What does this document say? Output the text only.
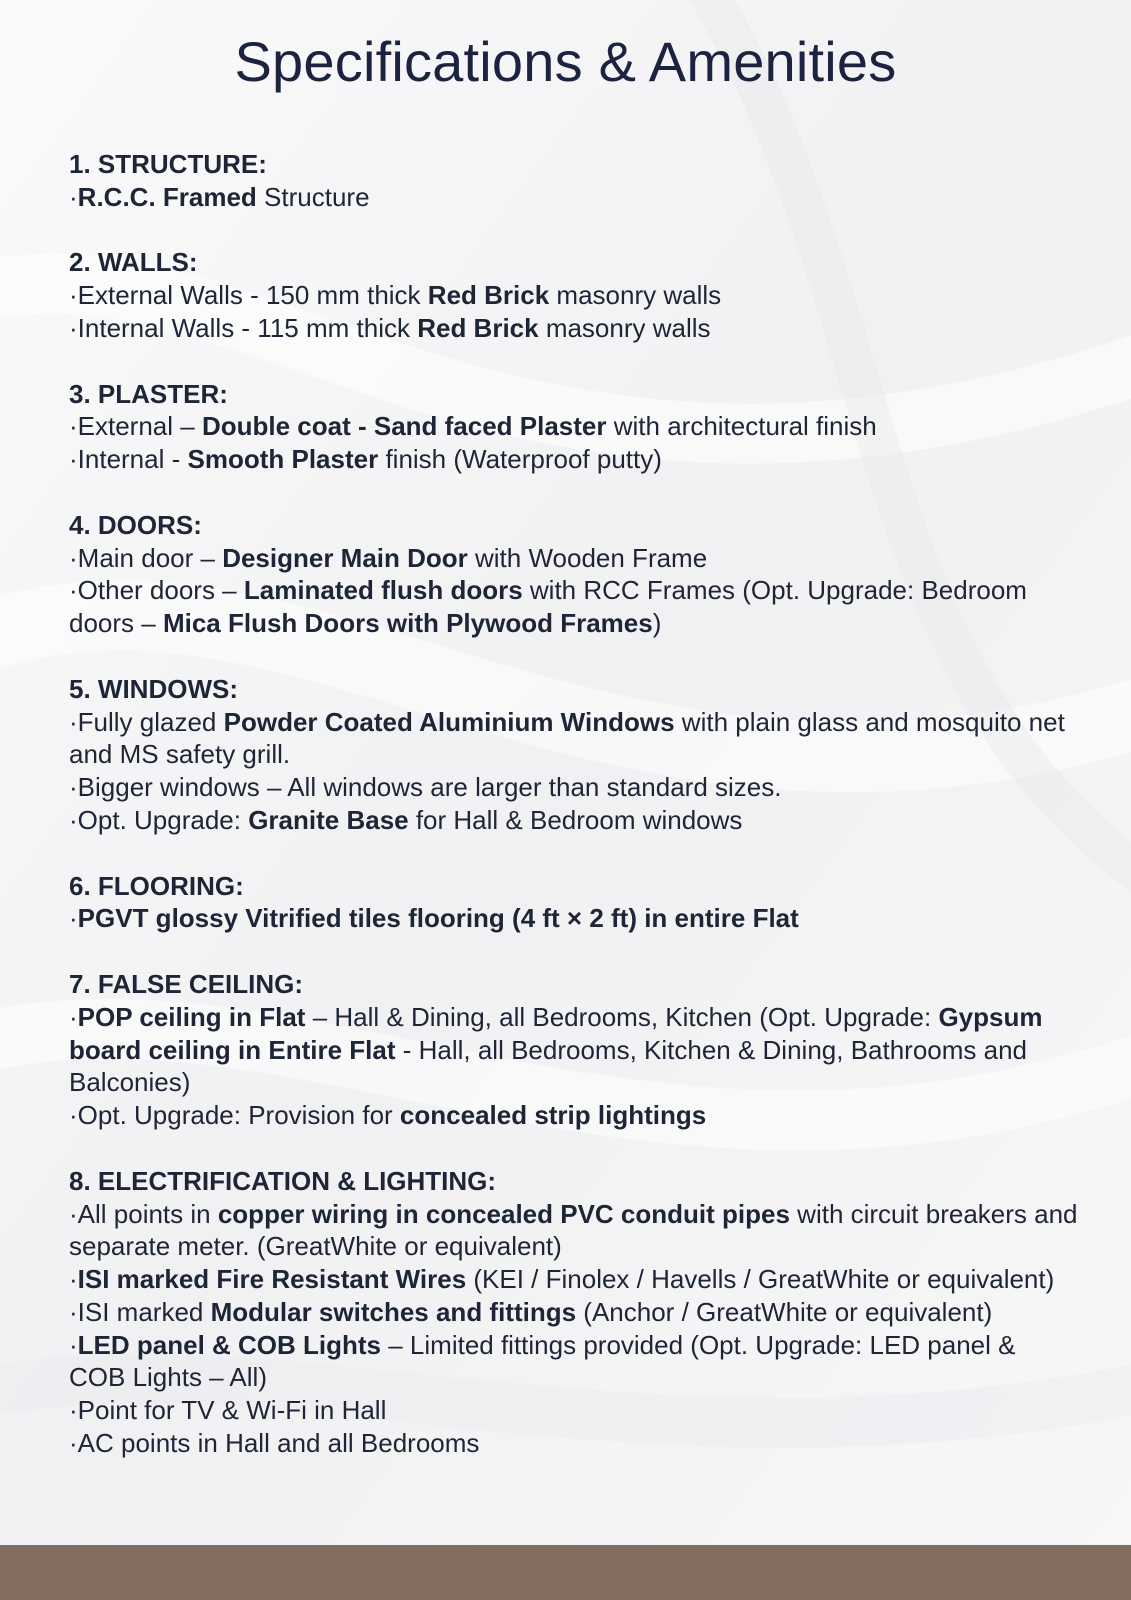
Specifications & Amenities
1. STRUCTURE:
·R.C.C. Framed Structure
2. WALLS:
·External Walls - 150 mm thick Red Brick masonry walls
·Internal Walls - 115 mm thick Red Brick masonry walls
3. PLASTER:
·External – Double coat - Sand faced Plaster with architectural finish
·Internal - Smooth Plaster finish (Waterproof putty)
4. DOORS:
·Main door – Designer Main Door with Wooden Frame
·Other doors – Laminated flush doors with RCC Frames (Opt. Upgrade: Bedroom doors – Mica Flush Doors with Plywood Frames)
5. WINDOWS:
·Fully glazed Powder Coated Aluminium Windows with plain glass and mosquito net and MS safety grill.
·Bigger windows – All windows are larger than standard sizes.
·Opt. Upgrade: Granite Base for Hall & Bedroom windows
6. FLOORING:
·PGVT glossy Vitrified tiles flooring (4 ft × 2 ft) in entire Flat
7. FALSE CEILING:
·POP ceiling in Flat – Hall & Dining, all Bedrooms, Kitchen (Opt. Upgrade: Gypsum board ceiling in Entire Flat - Hall, all Bedrooms, Kitchen & Dining, Bathrooms and Balconies)
·Opt. Upgrade: Provision for concealed strip lightings
8. ELECTRIFICATION & LIGHTING:
·All points in copper wiring in concealed PVC conduit pipes with circuit breakers and separate meter. (GreatWhite or equivalent)
·ISI marked Fire Resistant Wires (KEI / Finolex / Havells / GreatWhite or equivalent)
·ISI marked Modular switches and fittings (Anchor / GreatWhite or equivalent)
·LED panel & COB Lights – Limited fittings provided (Opt. Upgrade: LED panel & COB Lights – All)
·Point for TV & Wi-Fi in Hall
·AC points in Hall and all Bedrooms
